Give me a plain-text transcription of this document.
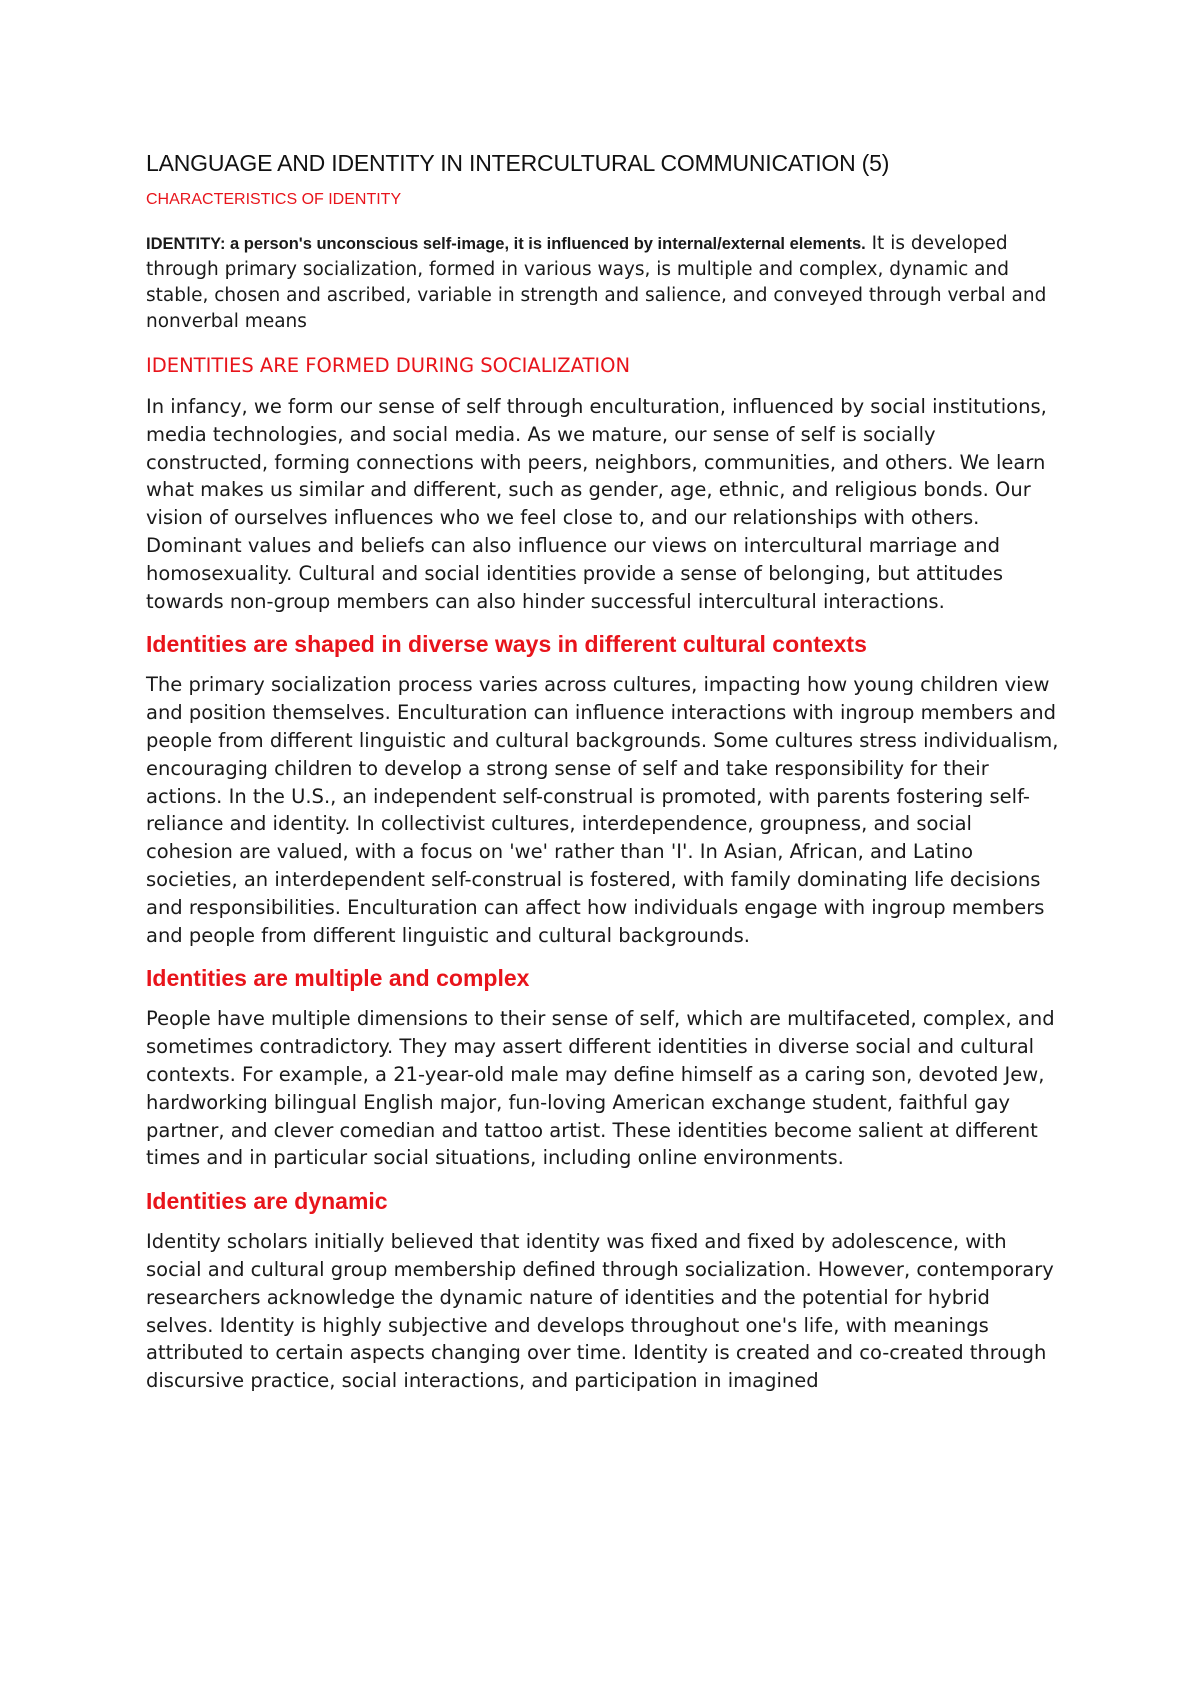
LANGUAGE AND IDENTITY IN INTERCULTURAL COMMUNICATION (5)
CHARACTERISTICS OF IDENTITY

IDENTITY: a person's unconscious self-image, it is influenced by internal/external elements. It is developed through primary socialization, formed in various ways, is multiple and complex, dynamic and stable, chosen and ascribed, variable in strength and salience, and conveyed through verbal and nonverbal means

IDENTITIES ARE FORMED DURING SOCIALIZATION

In infancy, we form our sense of self through enculturation, influenced by social institutions, media technologies, and social media. As we mature, our sense of self is socially constructed, forming connections with peers, neighbors, communities, and others. We learn what makes us similar and different, such as gender, age, ethnic, and religious bonds. Our vision of ourselves influences who we feel close to, and our relationships with others. Dominant values and beliefs can also influence our views on intercultural marriage and homosexuality. Cultural and social identities provide a sense of belonging, but attitudes towards non-group members can also hinder successful intercultural interactions.

Identities are shaped in diverse ways in different cultural contexts

The primary socialization process varies across cultures, impacting how young children view and position themselves. Enculturation can influence interactions with ingroup members and people from different linguistic and cultural backgrounds. Some cultures stress individualism, encouraging children to develop a strong sense of self and take responsibility for their actions. In the U.S., an independent self-construal is promoted, with parents fostering self-reliance and identity. In collectivist cultures, interdependence, groupness, and social cohesion are valued, with a focus on 'we' rather than 'I'. In Asian, African, and Latino societies, an interdependent self-construal is fostered, with family dominating life decisions and responsibilities. Enculturation can affect how individuals engage with ingroup members and people from different linguistic and cultural backgrounds.

Identities are multiple and complex

People have multiple dimensions to their sense of self, which are multifaceted, complex, and sometimes contradictory. They may assert different identities in diverse social and cultural contexts. For example, a 21-year-old male may define himself as a caring son, devoted Jew, hardworking bilingual English major, fun-loving American exchange student, faithful gay partner, and clever comedian and tattoo artist. These identities become salient at different times and in particular social situations, including online environments.

Identities are dynamic

Identity scholars initially believed that identity was fixed and fixed by adolescence, with social and cultural group membership defined through socialization. However, contemporary researchers acknowledge the dynamic nature of identities and the potential for hybrid selves. Identity is highly subjective and develops throughout one's life, with meanings attributed to certain aspects changing over time. Identity is created and co-created through discursive practice, social interactions, and participation in imagined
